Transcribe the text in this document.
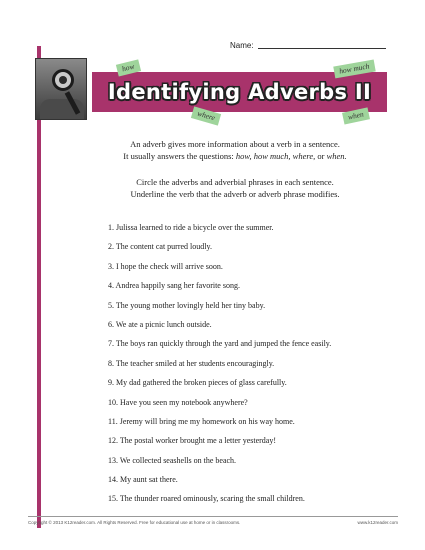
Name:
Identifying Adverbs II
how	how much
where	when

An adverb gives more information about a verb in a sentence.

It usually answers the questions: how, how much, where, or when.

Circle the adverbs and adverbial phrases in each sentence.

Underline the verb that the adverb or adverb phrase modifies.

1. Julissa learned to ride a bicycle over the summer.
2. The content cat purred loudly.
3. I hope the check will arrive soon.
4. Andrea happily sang her favorite song.
5. The young mother lovingly held her tiny baby.
6. We ate a picnic lunch outside.
7. The boys ran quickly through the yard and jumped the fence easily.
8. The teacher smiled at her students encouragingly.
9. My dad gathered the broken pieces of glass carefully.
10. Have you seen my notebook anywhere?
11. Jeremy will bring me my homework on his way home.
12. The postal worker brought me a letter yesterday!
13. We collected seashells on the beach.
14. My aunt sat there.
15. The thunder roared ominously, scaring the small children.
Copyright © 2013 K12reader.com. All Rights Reserved. Free for educational use at home or in classrooms.	www.k12reader.com
